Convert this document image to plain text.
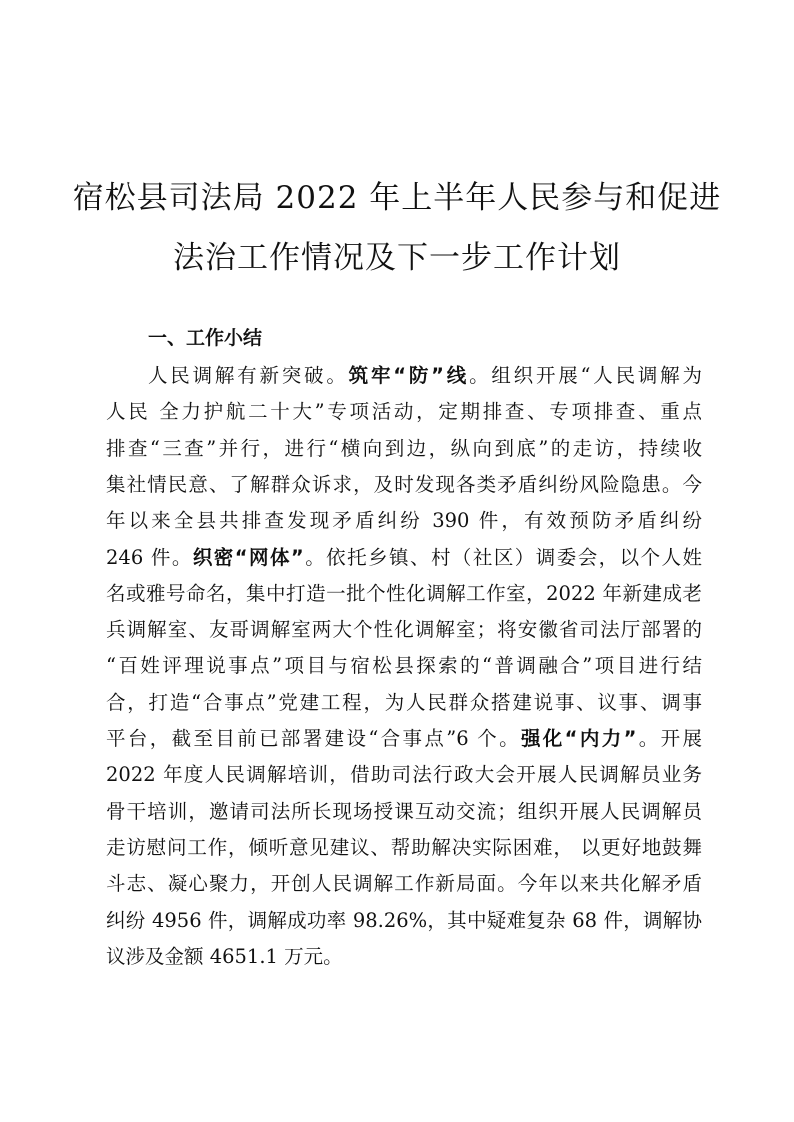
宿松县司法局 2022 年上半年人民参与和促进
法治工作情况及下一步工作计划
一、工作小结
人民调解有新突破。筑牢“防”线。组织开展“人民调解为
人民 全力护航二十大”专项活动，定期排查、专项排查、重点
排查“三查”并行，进行“横向到边，纵向到底”的走访，持续收
集社情民意、了解群众诉求，及时发现各类矛盾纠纷风险隐患。今
年以来全县共排查发现矛盾纠纷 390 件，有效预防矛盾纠纷
246 件。织密“网体”。依托乡镇、村（社区）调委会，以个人姓
名或雅号命名，集中打造一批个性化调解工作室，2022 年新建成老
兵调解室、友哥调解室两大个性化调解室；将安徽省司法厅部署的
“百姓评理说事点”项目与宿松县探索的“普调融合”项目进行结
合，打造“合事点”党建工程，为人民群众搭建说事、议事、调事
平台，截至目前已部署建设“合事点”6 个。强化“内力”。开展
2022 年度人民调解培训，借助司法行政大会开展人民调解员业务
骨干培训，邀请司法所长现场授课互动交流；组织开展人民调解员
走访慰问工作，倾听意见建议、帮助解决实际困难， 以更好地鼓舞
斗志、凝心聚力，开创人民调解工作新局面。今年以来共化解矛盾
纠纷 4956 件，调解成功率 98.26%，其中疑难复杂 68 件，调解协
议涉及金额 4651.1 万元。
